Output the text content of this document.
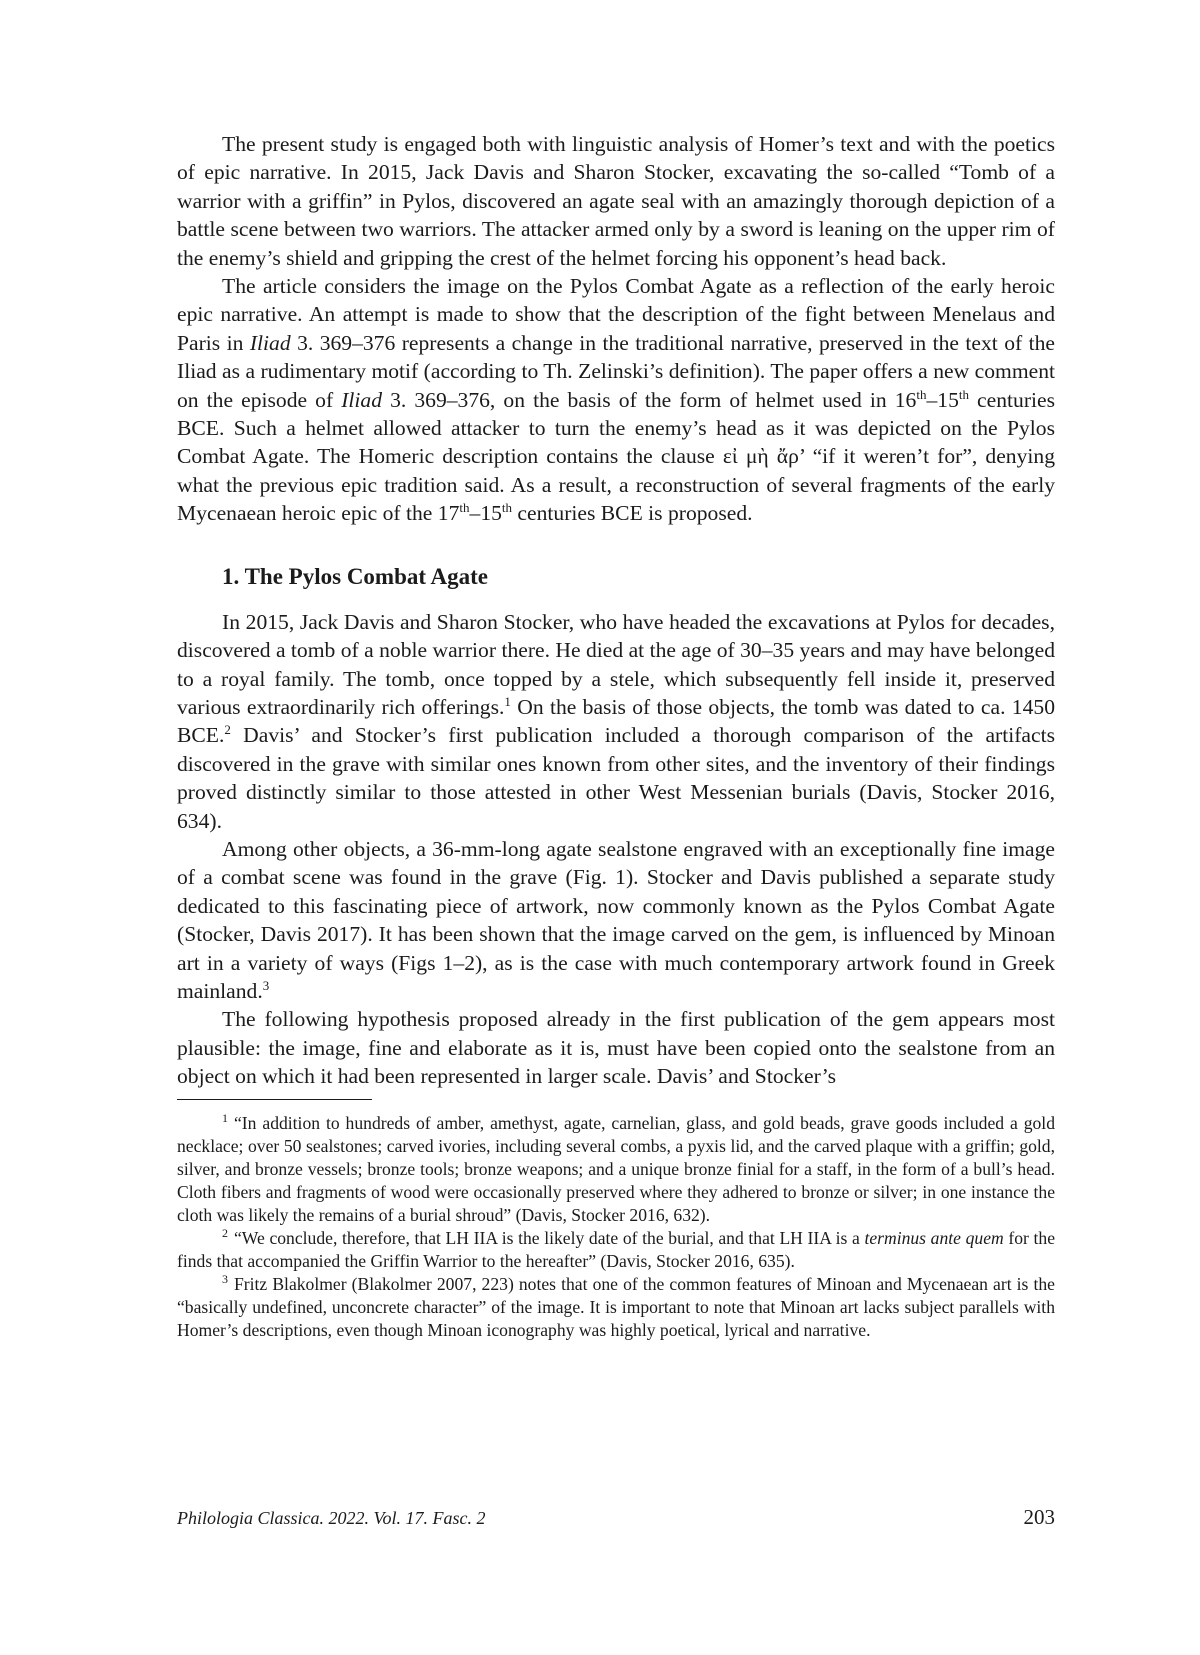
The present study is engaged both with linguistic analysis of Homer’s text and with the poetics of epic narrative. In 2015, Jack Davis and Sharon Stocker, excavating the so-called “Tomb of a warrior with a griffin” in Pylos, discovered an agate seal with an amazingly thorough depiction of a battle scene between two warriors. The attacker armed only by a sword is leaning on the upper rim of the enemy’s shield and gripping the crest of the helmet forcing his opponent’s head back.

The article considers the image on the Pylos Combat Agate as a reflection of the early heroic epic narrative. An attempt is made to show that the description of the fight between Menelaus and Paris in Iliad 3. 369–376 represents a change in the traditional narrative, preserved in the text of the Iliad as a rudimentary motif (according to Th. Zelinski’s definition). The paper offers a new comment on the episode of Iliad 3. 369–376, on the basis of the form of helmet used in 16th–15th centuries BCE. Such a helmet allowed attacker to turn the enemy’s head as it was depicted on the Pylos Combat Agate. The Homeric description contains the clause εἰ μὴ ἄρ’ “if it weren’t for”, denying what the previous epic tradition said. As a result, a reconstruction of several fragments of the early Mycenaean heroic epic of the 17th–15th centuries BCE is proposed.

1. The Pylos Combat Agate

In 2015, Jack Davis and Sharon Stocker, who have headed the excavations at Pylos for decades, discovered a tomb of a noble warrior there. He died at the age of 30–35 years and may have belonged to a royal family. The tomb, once topped by a stele, which subsequently fell inside it, preserved various extraordinarily rich offerings.$^1$ On the basis of those objects, the tomb was dated to ca. 1450 BCE.$^2$ Davis’ and Stocker’s first publication included a thorough comparison of the artifacts discovered in the grave with similar ones known from other sites, and the inventory of their findings proved distinctly similar to those attested in other West Messenian burials (Davis, Stocker 2016, 634).

Among other objects, a 36-mm-long agate sealstone engraved with an exceptionally fine image of a combat scene was found in the grave (Fig. 1). Stocker and Davis published a separate study dedicated to this fascinating piece of artwork, now commonly known as the Pylos Combat Agate (Stocker, Davis 2017). It has been shown that the image carved on the gem, is influenced by Minoan art in a variety of ways (Figs 1–2), as is the case with much contemporary artwork found in Greek mainland.$^3$

The following hypothesis proposed already in the first publication of the gem appears most plausible: the image, fine and elaborate as it is, must have been copied onto the sealstone from an object on which it had been represented in larger scale. Davis’ and Stocker’s

$^1$ “In addition to hundreds of amber, amethyst, agate, carnelian, glass, and gold beads, grave goods included a gold necklace; over 50 sealstones; carved ivories, including several combs, a pyxis lid, and the carved plaque with a griffin; gold, silver, and bronze vessels; bronze tools; bronze weapons; and a unique bronze finial for a staff, in the form of a bull’s head. Cloth fibers and fragments of wood were occasionally preserved where they adhered to bronze or silver; in one instance the cloth was likely the remains of a burial shroud” (Davis, Stocker 2016, 632).

$^2$ “We conclude, therefore, that LH IIA is the likely date of the burial, and that LH IIA is a terminus ante quem for the finds that accompanied the Griffin Warrior to the hereafter” (Davis, Stocker 2016, 635).

$^3$ Fritz Blakolmer (Blakolmer 2007, 223) notes that one of the common features of Minoan and Mycenaean art is the “basically undefined, unconcrete character” of the image. It is important to note that Minoan art lacks subject parallels with Homer’s descriptions, even though Minoan iconography was highly poetical, lyrical and narrative.

Philologia Classica. 2022. Vol. 17. Fasc. 2	203
